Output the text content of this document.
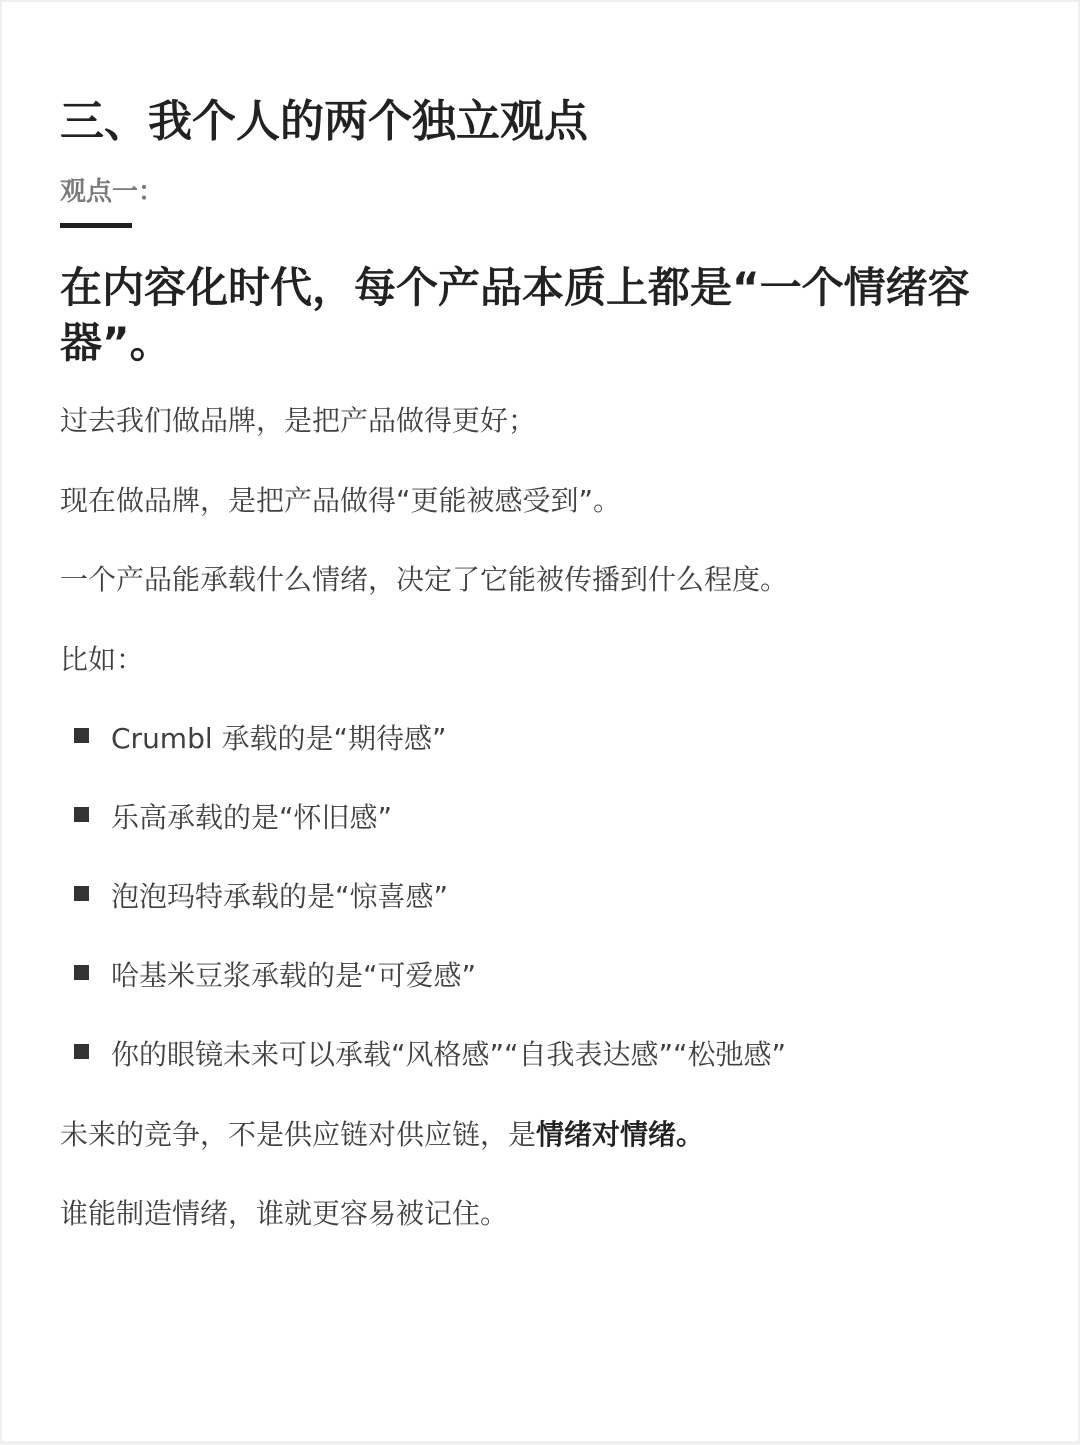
三、我个人的两个独立观点
观点一：
在内容化时代，每个产品本质上都是“一个情绪容器”。

过去我们做品牌，是把产品做得更好；

现在做品牌，是把产品做得“更能被感受到”。

一个产品能承载什么情绪，决定了它能被传播到什么程度。

比如：

Crumbl 承载的是“期待感”
乐高承载的是“怀旧感”
泡泡玛特承载的是“惊喜感”
哈基米豆浆承载的是“可爱感”
你的眼镜未来可以承载“风格感”“自我表达感”“松弛感”

未来的竞争，不是供应链对供应链，是情绪对情绪。

谁能制造情绪，谁就更容易被记住。
